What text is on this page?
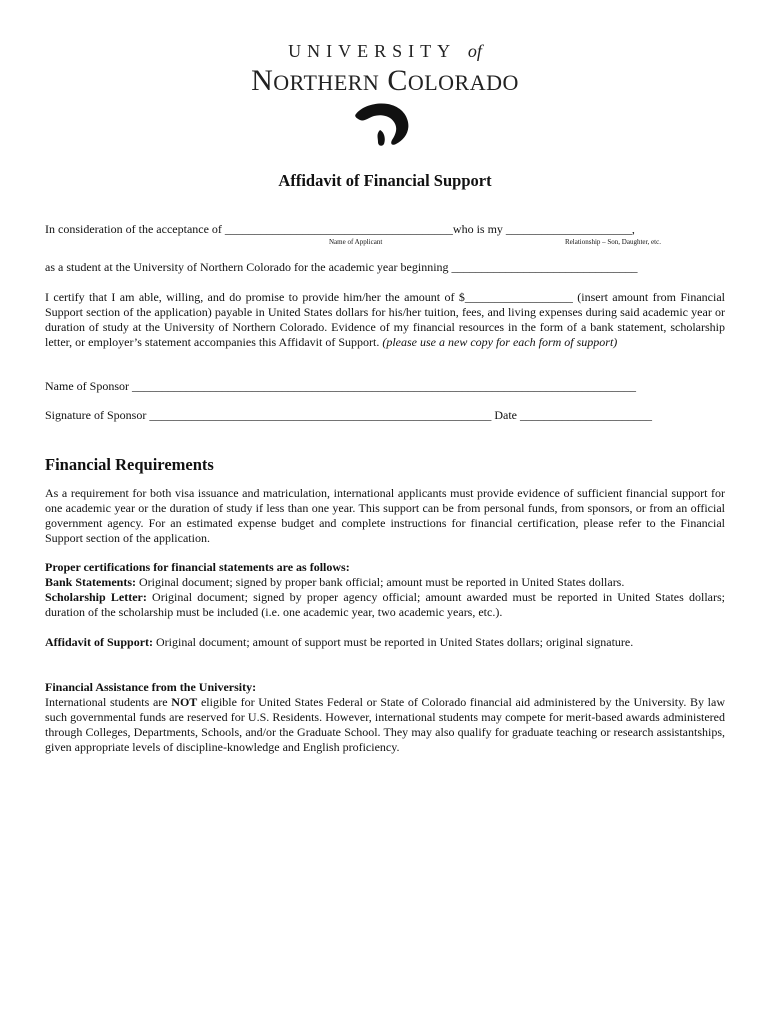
UNIVERSITY of
NORTHERN COLORADO
Affidavit of Financial Support
In consideration of the acceptance of ______________________________________who is my _____________________,
Name of Applicant	Relationship – Son, Daughter, etc.
as a student at the University of Northern Colorado for the academic year beginning _______________________________
I certify that I am able, willing, and do promise to provide him/her the amount of $__________________ (insert amount from Financial Support section of the application) payable in United States dollars for his/her tuition, fees, and living expenses during said academic year or duration of study at the University of Northern Colorado. Evidence of my financial resources in the form of a bank statement, scholarship letter, or employer’s statement accompanies this Affidavit of Support. (please use a new copy for each form of support)
Name of Sponsor ____________________________________________________________________________________
Signature of Sponsor _________________________________________________________ Date ______________________
Financial Requirements
As a requirement for both visa issuance and matriculation, international applicants must provide evidence of sufficient financial support for one academic year or the duration of study if less than one year. This support can be from personal funds, from sponsors, or from an official government agency. For an estimated expense budget and complete instructions for financial certification, please refer to the Financial Support section of the application.
Proper certifications for financial statements are as follows:
Bank Statements: Original document; signed by proper bank official; amount must be reported in United States dollars.
Scholarship Letter: Original document; signed by proper agency official; amount awarded must be reported in United States dollars; duration of the scholarship must be included (i.e. one academic year, two academic years, etc.).
Affidavit of Support: Original document; amount of support must be reported in United States dollars; original signature.
Financial Assistance from the University:
International students are NOT eligible for United States Federal or State of Colorado financial aid administered by the University. By law such governmental funds are reserved for U.S. Residents. However, international students may compete for merit-based awards administered through Colleges, Departments, Schools, and/or the Graduate School. They may also qualify for graduate teaching or research assistantships, given appropriate levels of discipline-knowledge and English proficiency.
